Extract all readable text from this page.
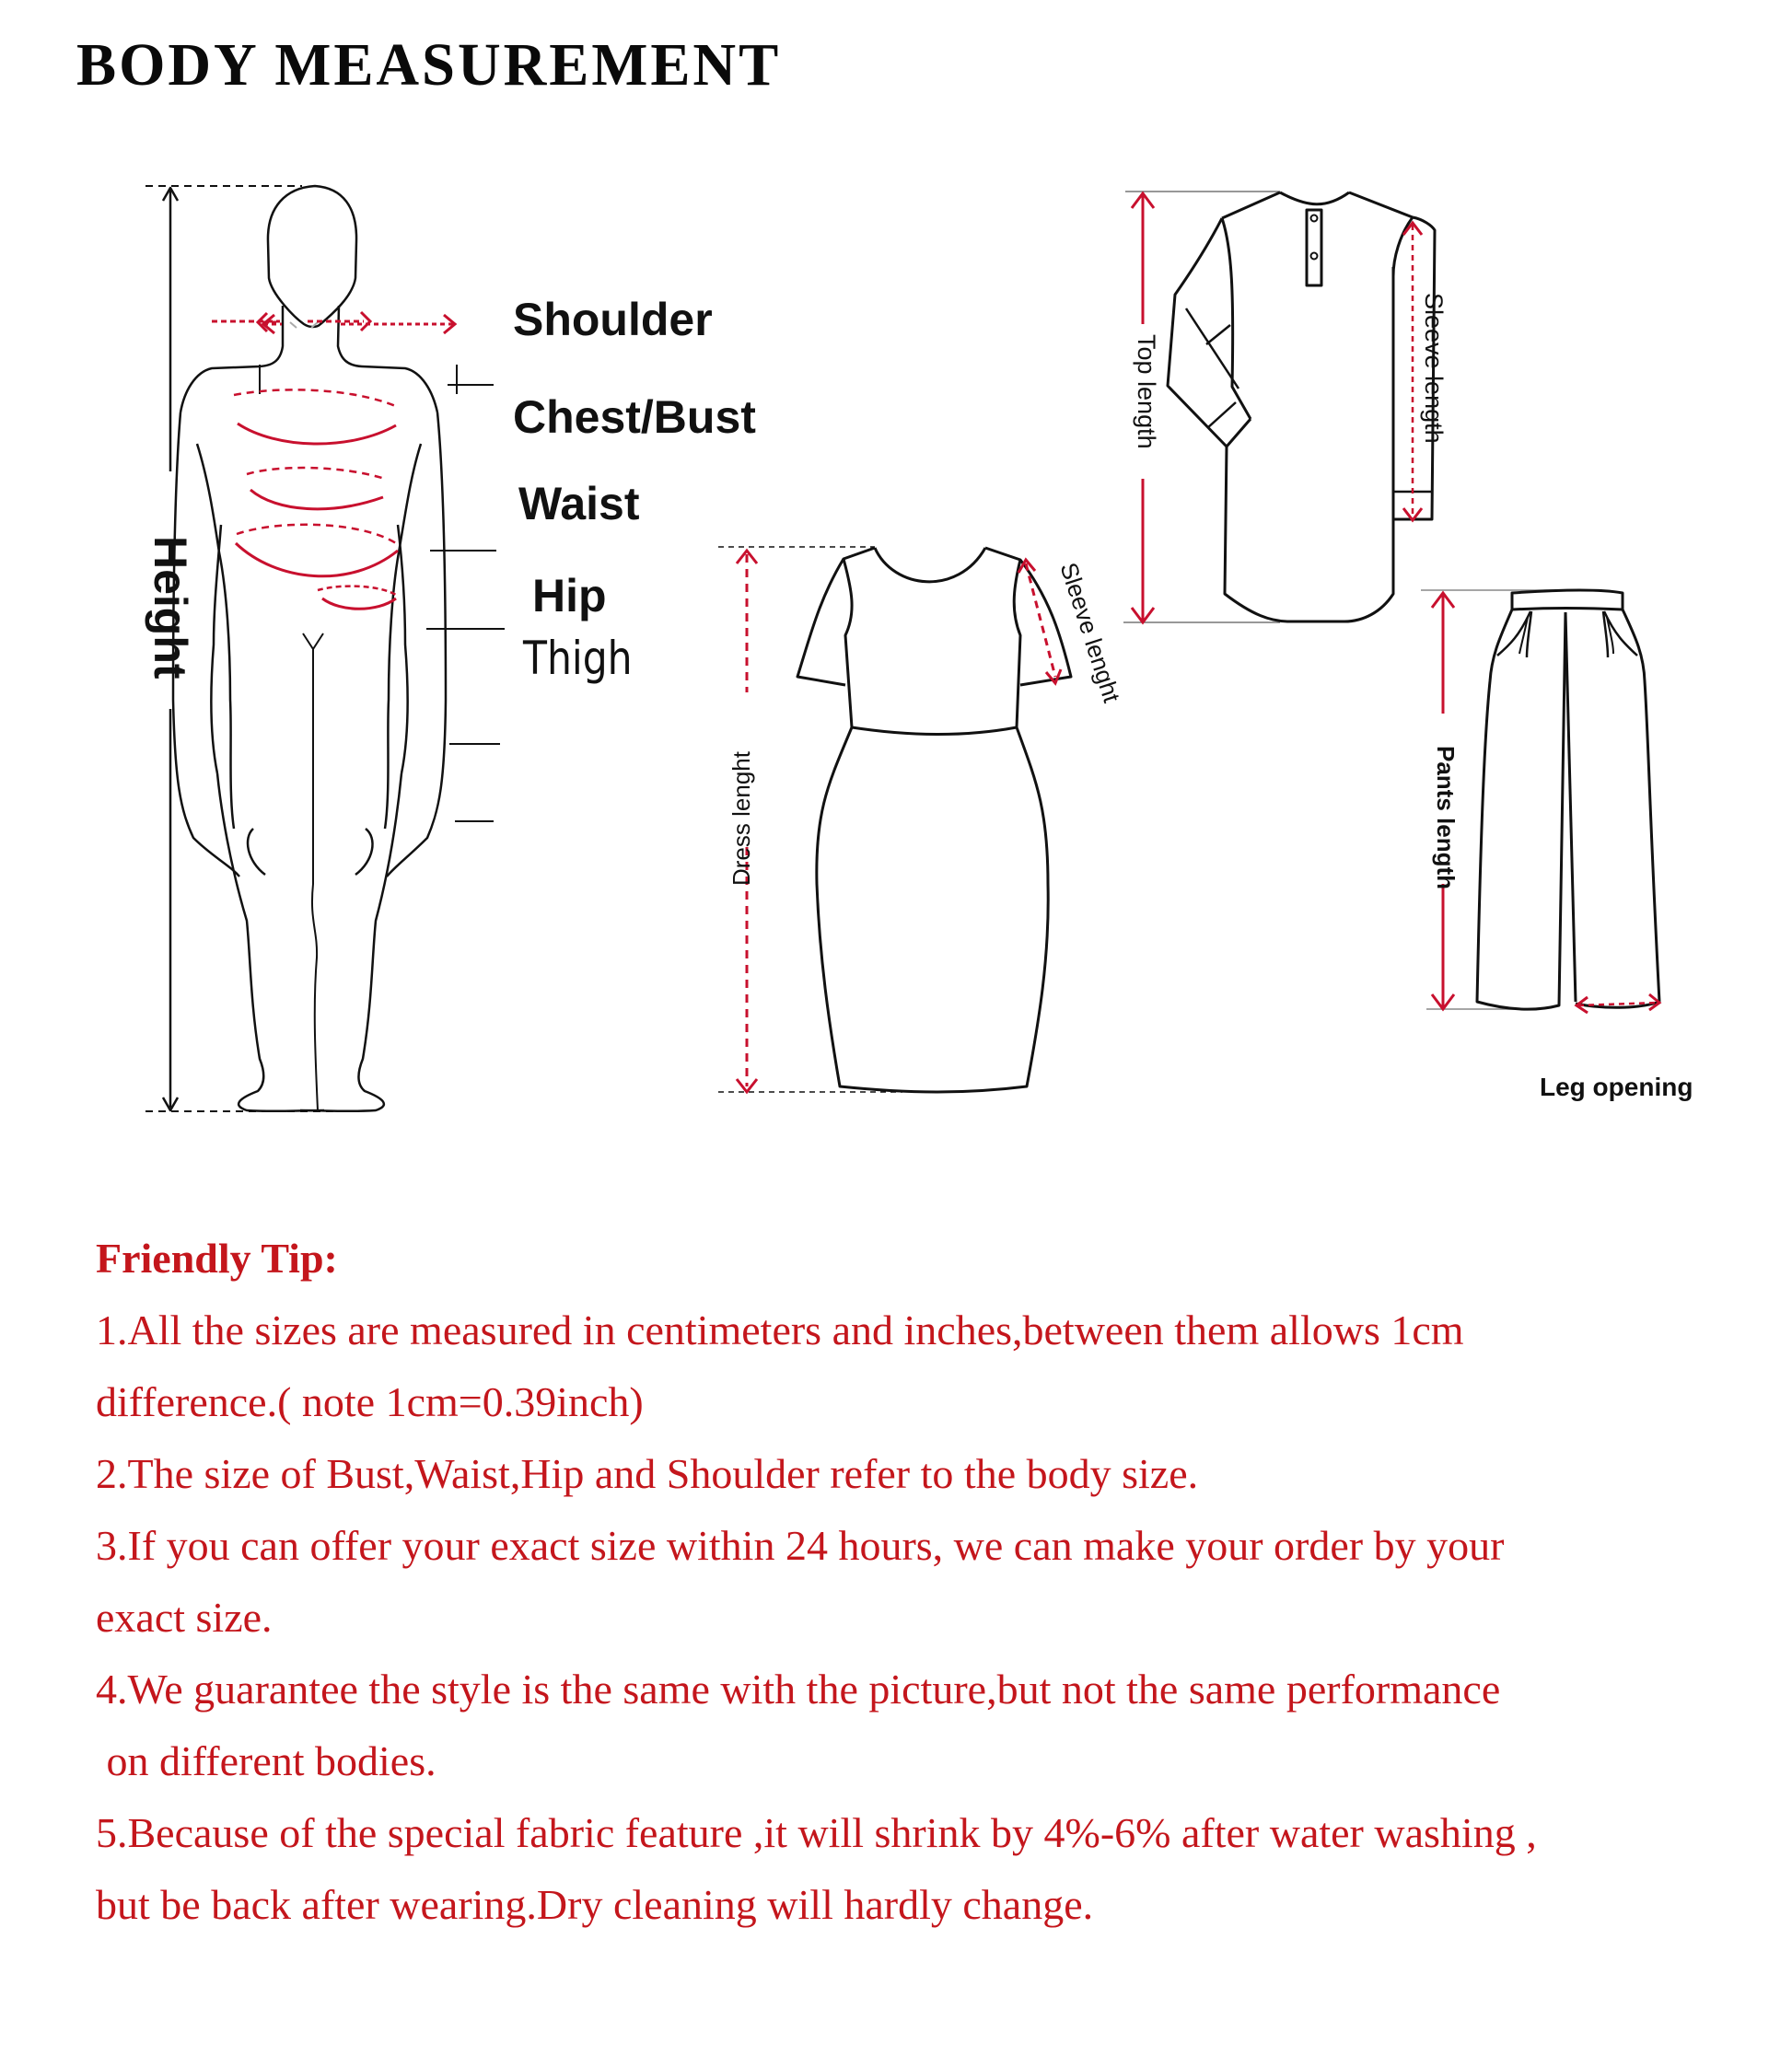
BODY MEASUREMENT
Height
Shoulder
Chest/Bust
Waist
Hip
Thigh
Dress lenght
Sleeve lenght
Top length	Sleeve length
Pants length
Leg opening

Friendly Tip:

1.All the sizes are measured in centimeters and inches,between them allows 1cm

difference.( note 1cm=0.39inch)

2.The size of Bust,Waist,Hip and Shoulder refer to the body size.

3.If you can offer your exact size within 24 hours, we can make your order by your

exact size.

4.We guarantee the style is the same with the picture,but not the same performance

on different bodies.

5.Because of the special fabric feature ,it will shrink by 4%-6% after water washing ,

but be back after wearing.Dry cleaning will hardly change.
